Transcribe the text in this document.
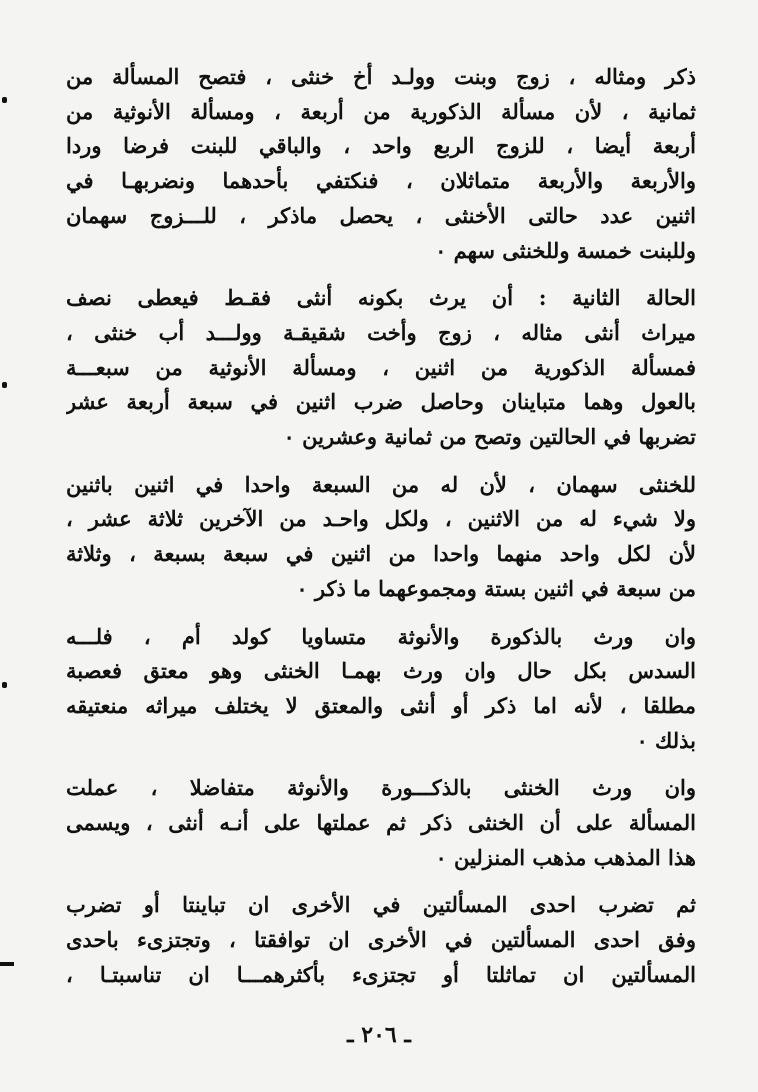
ذكر ومثاله ، زوج وبنت وولـد أخ خنثى ، فتصح المسألة من
ثمانية ، لأن مسألة الذكورية من أربعة ، ومسألة الأنوثية من
أربعة أيضا ، للزوج الربع واحد ، والباقي للبنت فرضا وردا
والأربعة والأربعة متماثلان ، فنكتفي بأحدهما ونضربهـا في
اثنين عدد حالتى الأخنثى ، يحصل ماذكر ، للـــزوج سهمان
وللبنت خمسة وللخنثى سهم ٠
الحالة الثانية : أن يرث بكونه أنثى فقـط فيعطى نصف
ميراث أنثى مثاله ، زوج وأخت شقيقـة وولـــد أب خنثى ،
فمسألة الذكورية من اثنين ، ومسألة الأنوثية من سبعـــة
بالعول وهما متباينان وحاصل ضرب اثنين في سبعة أربعة عشر
تضربها في الحالتين وتصح من ثمانية وعشرين ٠
للخنثى سهمان ، لأن له من السبعة واحدا في اثنين باثنين
ولا شيء له من الاثنين ، ولكل واحـد من الآخرين ثلاثة عشر ،
لأن لكل واحد منهما واحدا من اثنين في سبعة بسبعة ، وثلاثة
من سبعة في اثنين بستة ومجموعهما ما ذكر ٠
وان ورث بالذكورة والأنوثة متساويا كولد أم ، فلـــه
السدس بكل حال وان ورث بهمـا الخنثى وهو معتق فعصبة
مطلقا ، لأنه اما ذكر أو أنثى والمعتق لا يختلف ميراثه منعتيقه
بذلك ٠
وان ورث الخنثى بالذكـــورة والأنوثة متفاضلا ، عملت
المسألة على أن الخنثى ذكر ثم عملتها على أنـه أنثى ، ويسمى
هذا المذهب مذهب المنزلين ٠
ثم تضرب احدى المسألتين في الأخرى ان تباينتا أو تضرب
وفق احدى المسألتين في الأخرى ان توافقتا ، وتجتزىء باحدى
المسألتين ان تماثلتا أو تجتزىء بأكثرهمـــا ان تناسبتـا ،
ـ ٢٠٦ ـ
